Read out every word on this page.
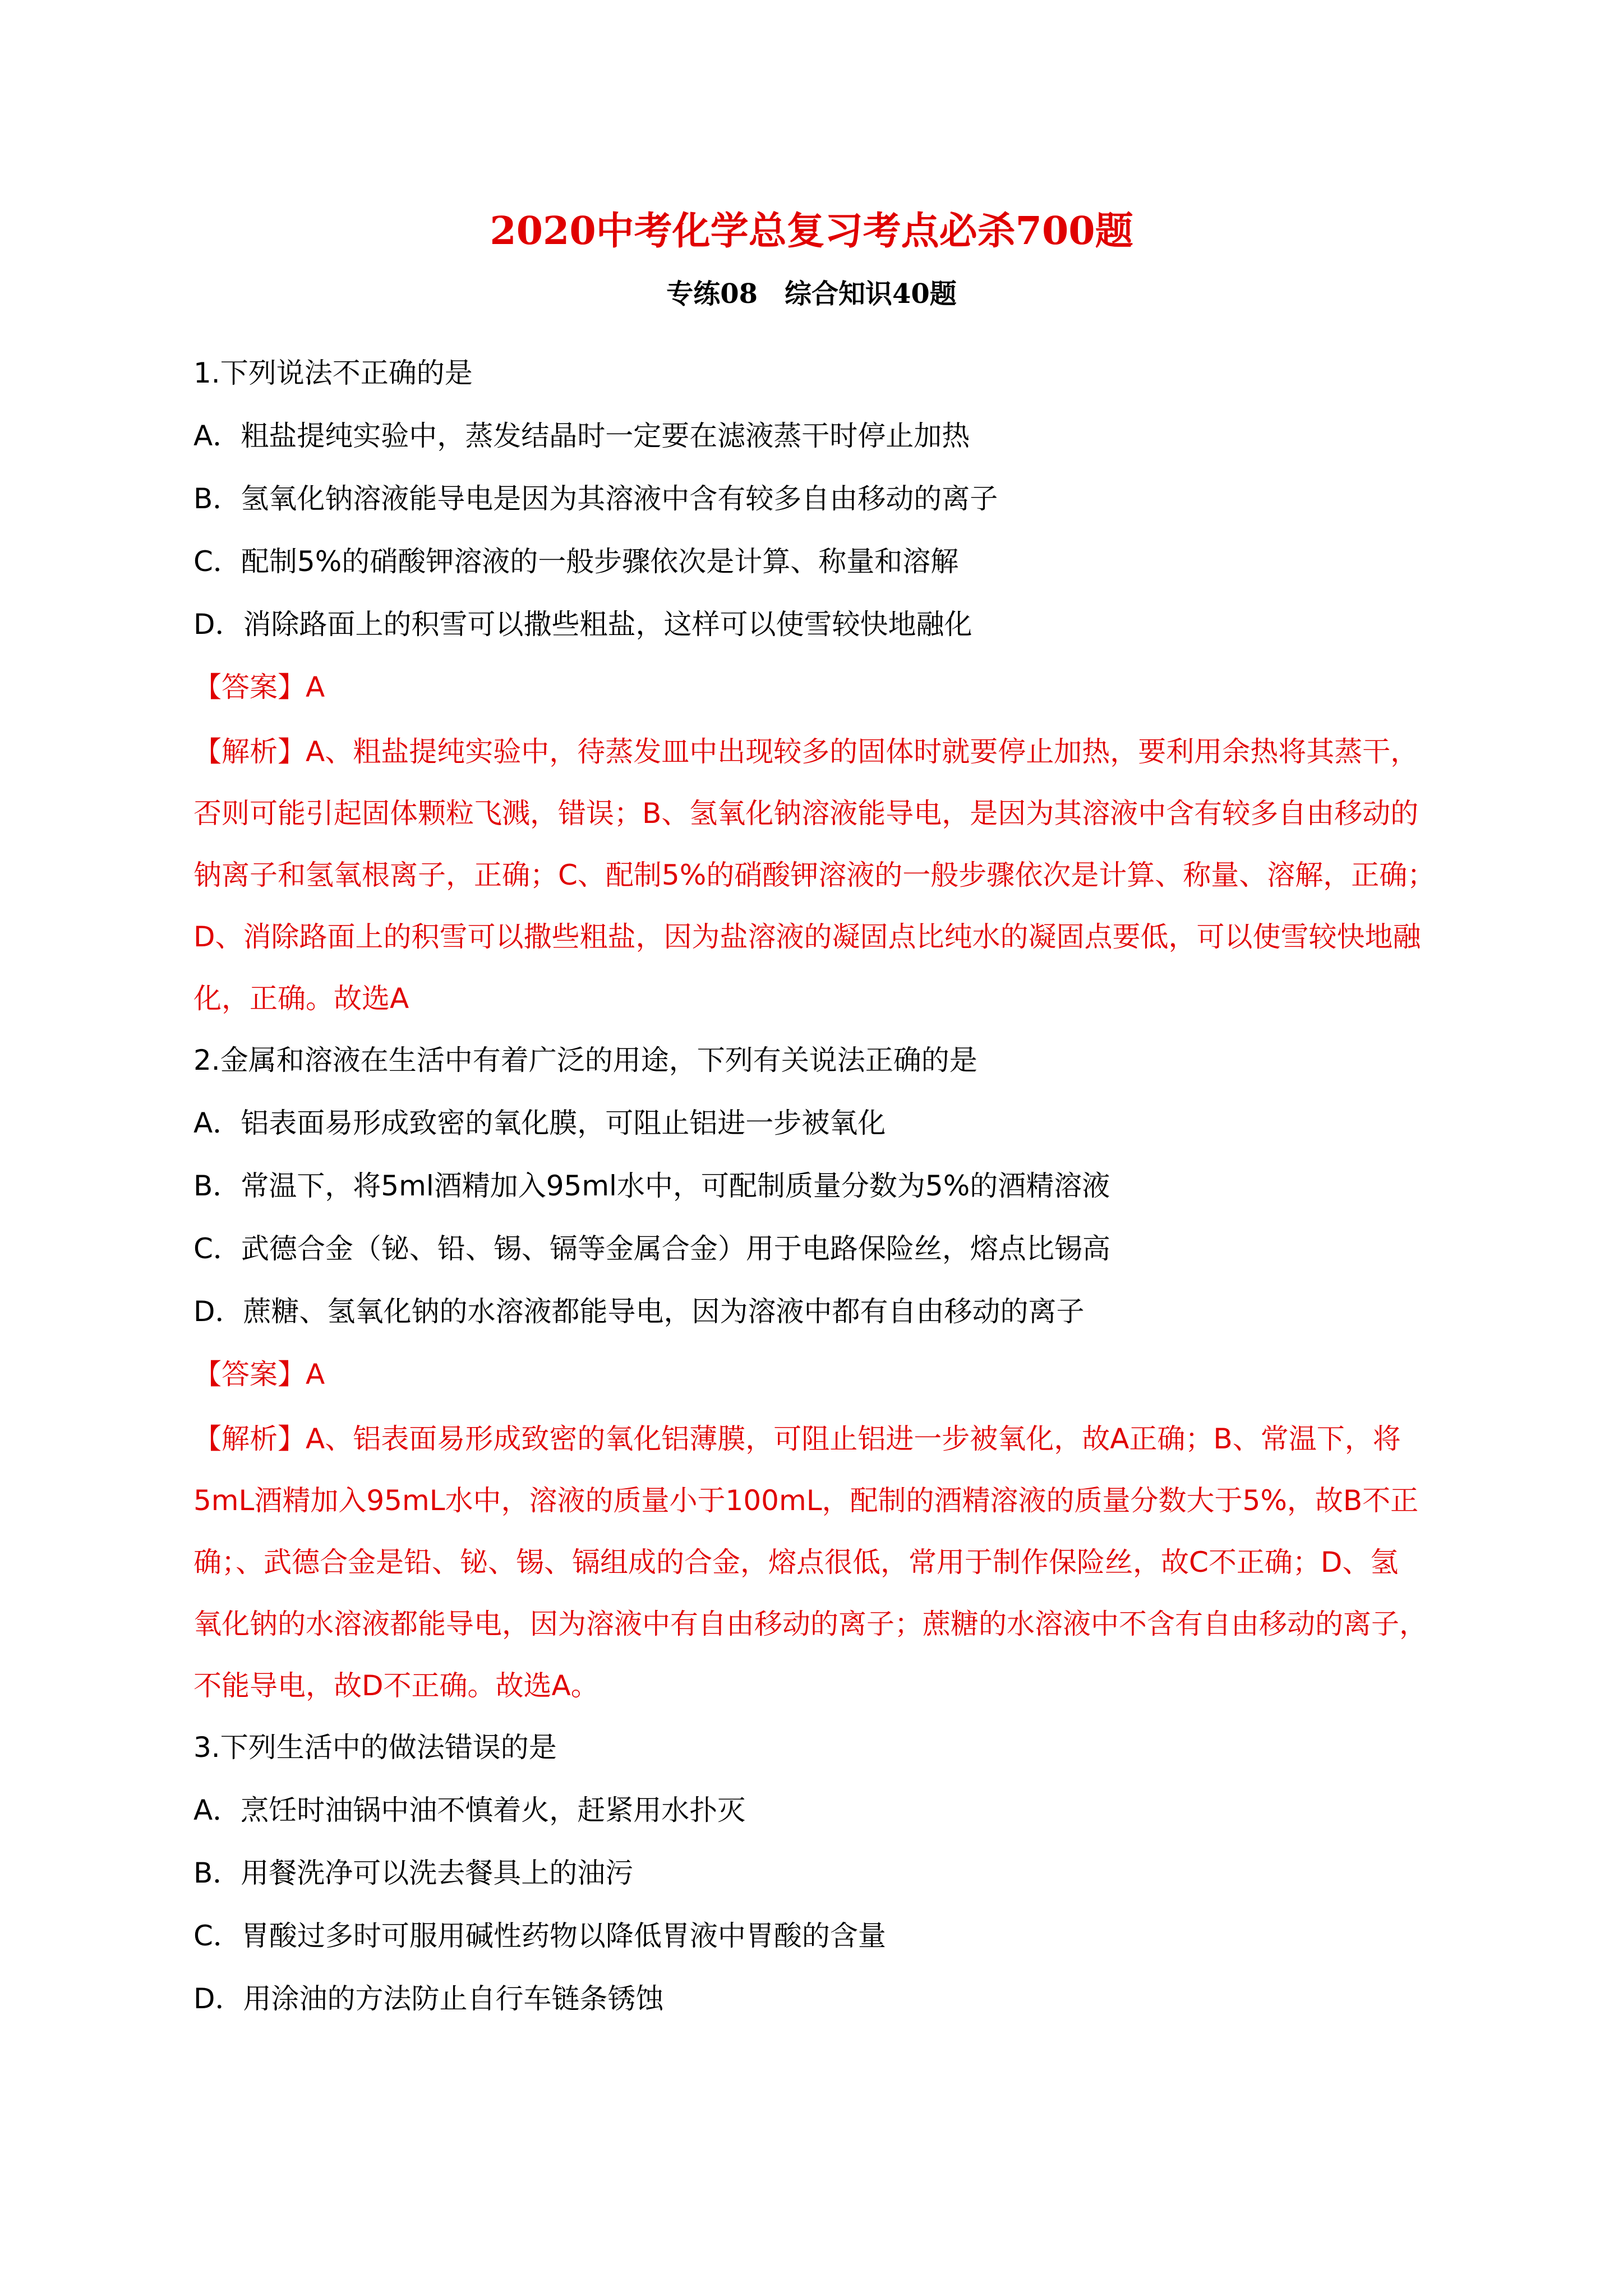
2020中考化学总复习考点必杀700题
专练08　综合知识40题
1.下列说法不正确的是
A．粗盐提纯实验中，蒸发结晶时一定要在滤液蒸干时停止加热
B．氢氧化钠溶液能导电是因为其溶液中含有较多自由移动的离子
C．配制5%的硝酸钾溶液的一般步骤依次是计算、称量和溶解
D．消除路面上的积雪可以撒些粗盐，这样可以使雪较快地融化
【答案】A
【解析】A、粗盐提纯实验中，待蒸发皿中出现较多的固体时就要停止加热，要利用余热将其蒸干，
否则可能引起固体颗粒飞溅，错误；B、氢氧化钠溶液能导电，是因为其溶液中含有较多自由移动的
钠离子和氢氧根离子，正确；C、配制5%的硝酸钾溶液的一般步骤依次是计算、称量、溶解，正确；
D、消除路面上的积雪可以撒些粗盐，因为盐溶液的凝固点比纯水的凝固点要低，可以使雪较快地融
化，正确。故选A
2.金属和溶液在生活中有着广泛的用途，下列有关说法正确的是
A．铝表面易形成致密的氧化膜，可阻止铝进一步被氧化
B．常温下，将5ml酒精加入95ml水中，可配制质量分数为5%的酒精溶液
C．武德合金（铋、铅、锡、镉等金属合金）用于电路保险丝，熔点比锡高
D．蔗糖、氢氧化钠的水溶液都能导电，因为溶液中都有自由移动的离子
【答案】A
【解析】A、铝表面易形成致密的氧化铝薄膜，可阻止铝进一步被氧化，故A正确；B、常温下，将
5mL酒精加入95mL水中，溶液的质量小于100mL，配制的酒精溶液的质量分数大于5%，故B不正
确；、武德合金是铅、铋、锡、镉组成的合金，熔点很低，常用于制作保险丝，故C不正确；D、氢
氧化钠的水溶液都能导电，因为溶液中有自由移动的离子；蔗糖的水溶液中不含有自由移动的离子，
不能导电，故D不正确。故选A。
3.下列生活中的做法错误的是
A．烹饪时油锅中油不慎着火，赶紧用水扑灭
B．用餐洗净可以洗去餐具上的油污
C．胃酸过多时可服用碱性药物以降低胃液中胃酸的含量
D．用涂油的方法防止自行车链条锈蚀
